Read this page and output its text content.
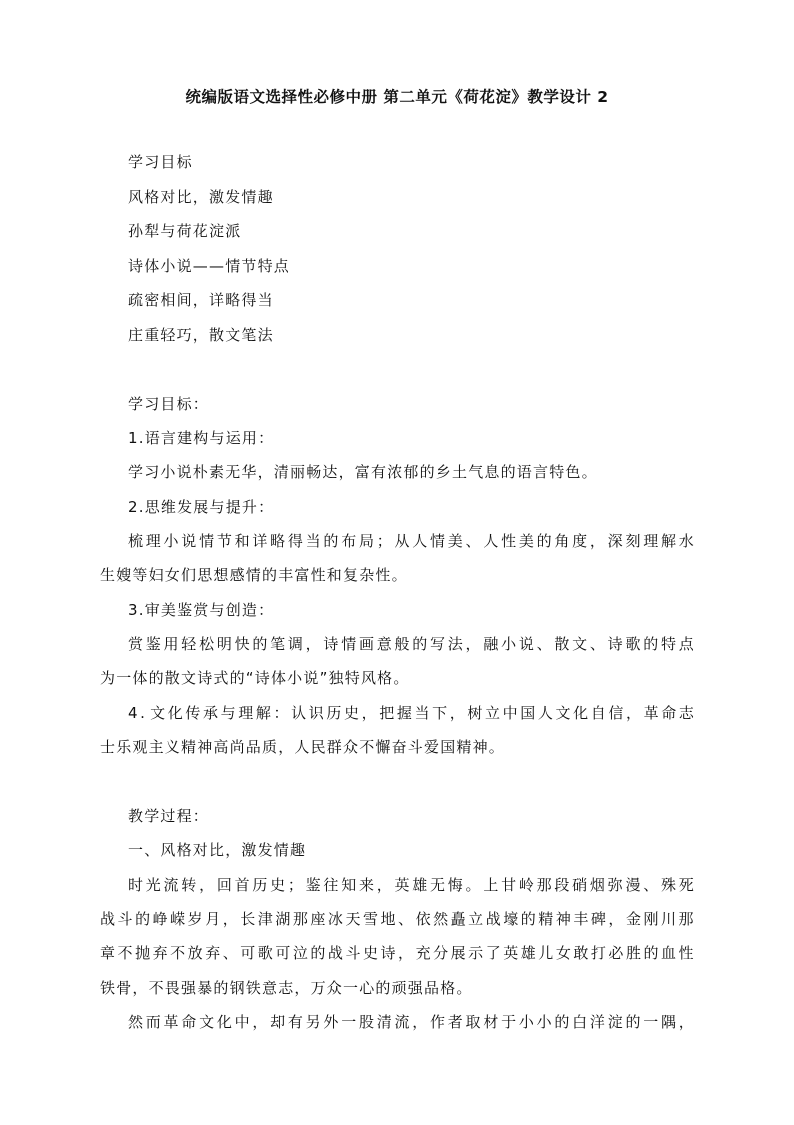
统编版语文选择性必修中册 第二单元《荷花淀》教学设计 2
学习目标
风格对比，激发情趣
孙犁与荷花淀派
诗体小说——情节特点
疏密相间，详略得当
庄重轻巧，散文笔法
学习目标：
1.语言建构与运用：
学习小说朴素无华，清丽畅达，富有浓郁的乡土气息的语言特色。
2.思维发展与提升：
梳 理 小 说 情 节 和 详 略 得 当 的 布 局 ； 从 人 情 美 、 人 性 美 的 角 度 ， 深 刻 理 解 水
生嫂等妇女们思想感情的丰富性和复杂性。
3.审美鉴赏与创造：
赏 鉴 用 轻 松 明 快 的 笔 调 ， 诗 情 画 意 般 的 写 法 ， 融 小 说 、 散 文 、 诗 歌 的 特 点
为一体的散文诗式的“诗体小说”独特风格。
4 . 文 化 传 承 与 理 解 ： 认 识 历 史 ， 把 握 当 下 ， 树 立 中 国 人 文 化 自 信 ， 革 命 志
士乐观主义精神高尚品质，人民群众不懈奋斗爱国精神。
教学过程：
一、风格对比，激发情趣
时 光 流 转 ， 回 首 历 史 ； 鉴 往 知 来 ， 英 雄 无 悔 。 上 甘 岭 那 段 硝 烟 弥 漫 、 殊 死
战 斗 的 峥 嵘 岁 月 ， 长 津 湖 那 座 冰 天 雪 地 、 依 然 矗 立 战 壕 的 精 神 丰 碑 ， 金 刚 川 那
章 不 抛 弃 不 放 弃 、 可 歌 可 泣 的 战 斗 史 诗 ， 充 分 展 示 了 英 雄 儿 女 敢 打 必 胜 的 血 性
铁骨，不畏强暴的钢铁意志，万众一心的顽强品格。
然 而 革 命 文 化 中 ， 却 有 另 外 一 股 清 流 ， 作 者 取 材 于 小 小 的 白 洋 淀 的 一 隅 ，
